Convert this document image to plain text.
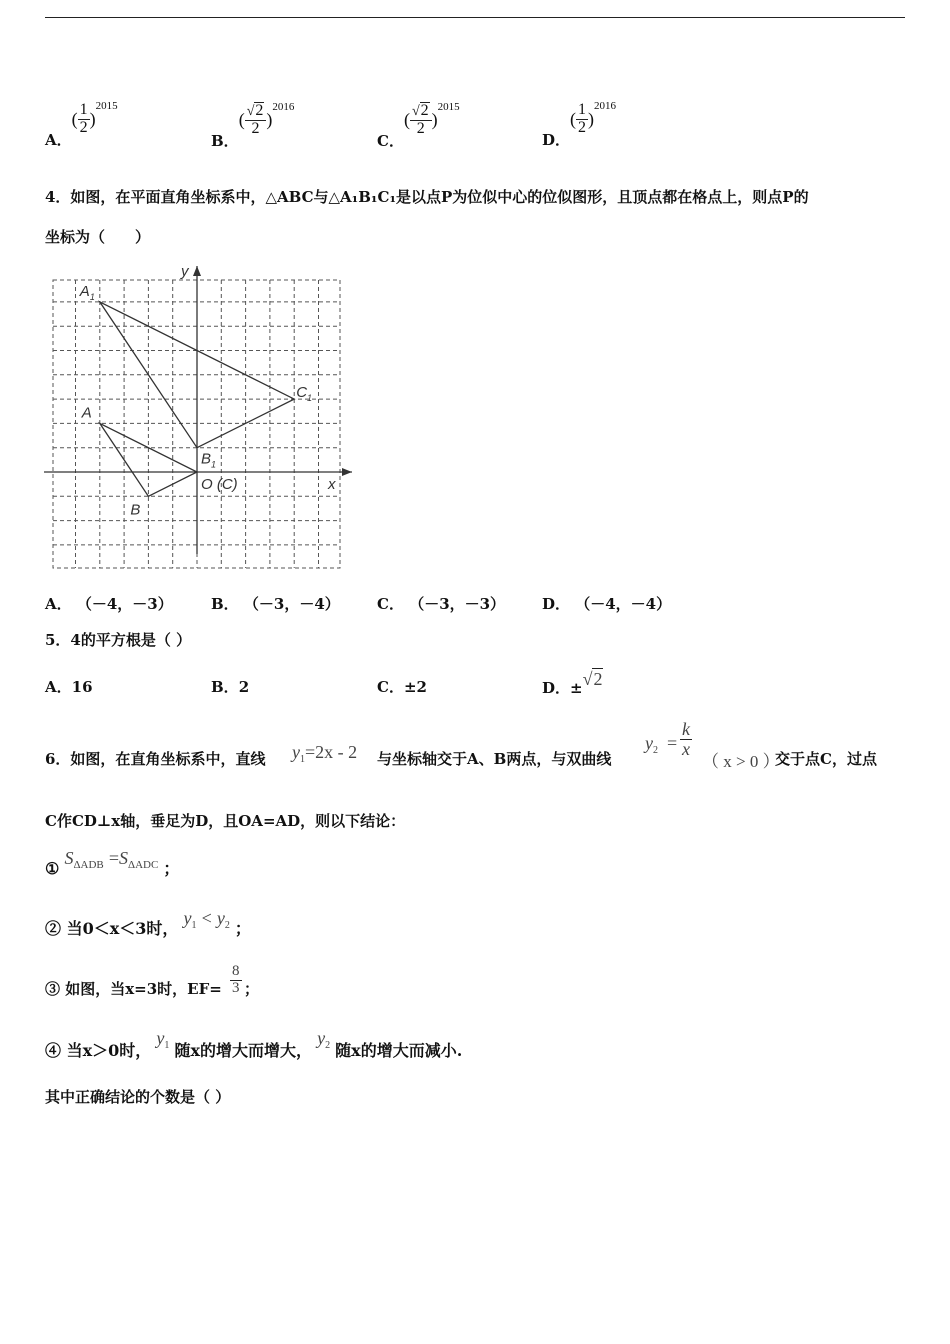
A．( $\frac{1}{2} )^{2015}$
B．( $\frac{√2}{2} )^{2016}$
C．( $\frac{√2}{2} )^{2015}$
D．( $\frac{1}{2} )^{2016}$
4．如图，在平面直角坐标系中，△ABC与△A₁B₁C₁是以点P为位似中心的位似图形，且顶点都在格点上，则点P的
坐标为（　　）
$A_1$
$C_1$
$B_1$
A
B
O (C)	x
y
A． （－4，－3）	B． （－3，－4） C． （－3，－3） D． （－4，－4）
5．4的平方根是（ ）
A．16	B．2	C．±2	D．±√2
6．如图，在直角坐标系中，直线 $y_1=2x - 2$ 与坐标轴交于A、B两点，与双曲线
$y_2 = \frac{k}{x}$
（ x > 0 ）
交于点C，过点
C作CD⊥x轴，垂足为D，且OA=AD，则以下结论：
① $S_{\Delta ADB} =S_{\Delta ADC}$ ；
② 当0＜x＜3时， $y_1 < y_2$ ；
③ 如图，当x=3时，$EF= \frac{8}{3}$ ；
④ 当x＞0时， $y_1$ 随x的增大而增大， $y_2$ 随x的增大而减小.
其中正确结论的个数是（ ）
